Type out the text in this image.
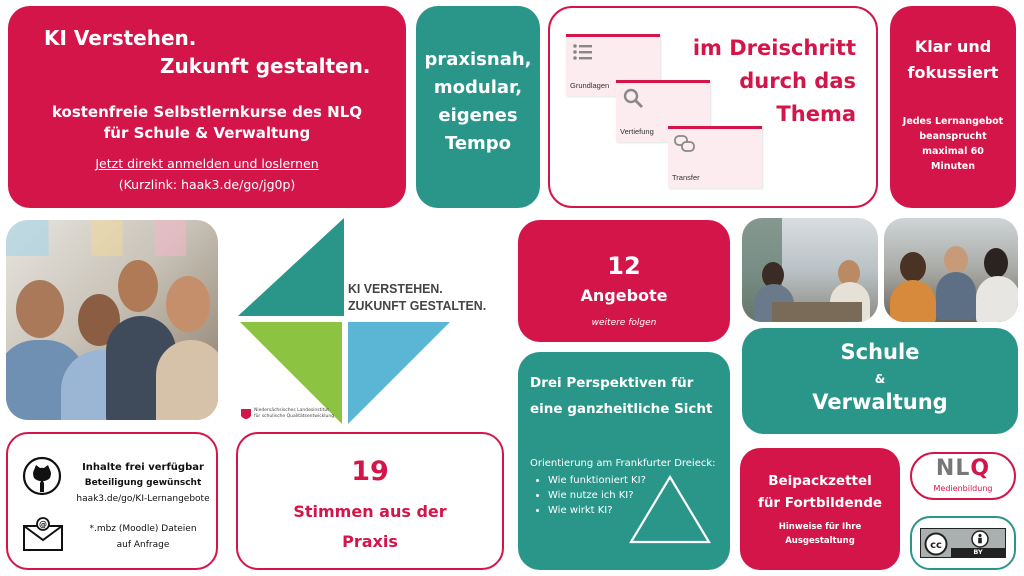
KI Verstehen.
Zukunft gestalten.
kostenfreie Selbstlernkurse des NLQ
für Schule & Verwaltung
Jetzt direkt anmelden und loslernen
(Kurzlink: haak3.de/go/jg0p)
praxisnah,
modular,
eigenes
Tempo
Grundlagen
Vertiefung
Transfer
im Dreischritt
durch das
Thema
Klar und
fokussiert
Jedes Lernangebot
beansprucht
maximal 60
Minuten
KI VERSTEHEN.
ZUKUNFT GESTALTEN.
Niedersächsisches Landesinstitut
für schulische Qualitätsentwicklung
12
Angebote
weitere folgen
Drei Perspektiven für eine ganzheitliche Sicht
Orientierung am Frankfurter Dreieck:
• Wie funktioniert KI?
• Wie nutze ich KI?
• Wie wirkt KI?
Schule
&
Verwaltung
Beipackzettel
für Fortbildende
Hinweise für Ihre
Ausgestaltung
NLQ
Medienbildung
cc
BY
@
Inhalte frei verfügbar
Beteiligung gewünscht
haak3.de/go/KI-Lernangebote
*.mbz (Moodle) Dateien
auf Anfrage
19
Stimmen aus der
Praxis
